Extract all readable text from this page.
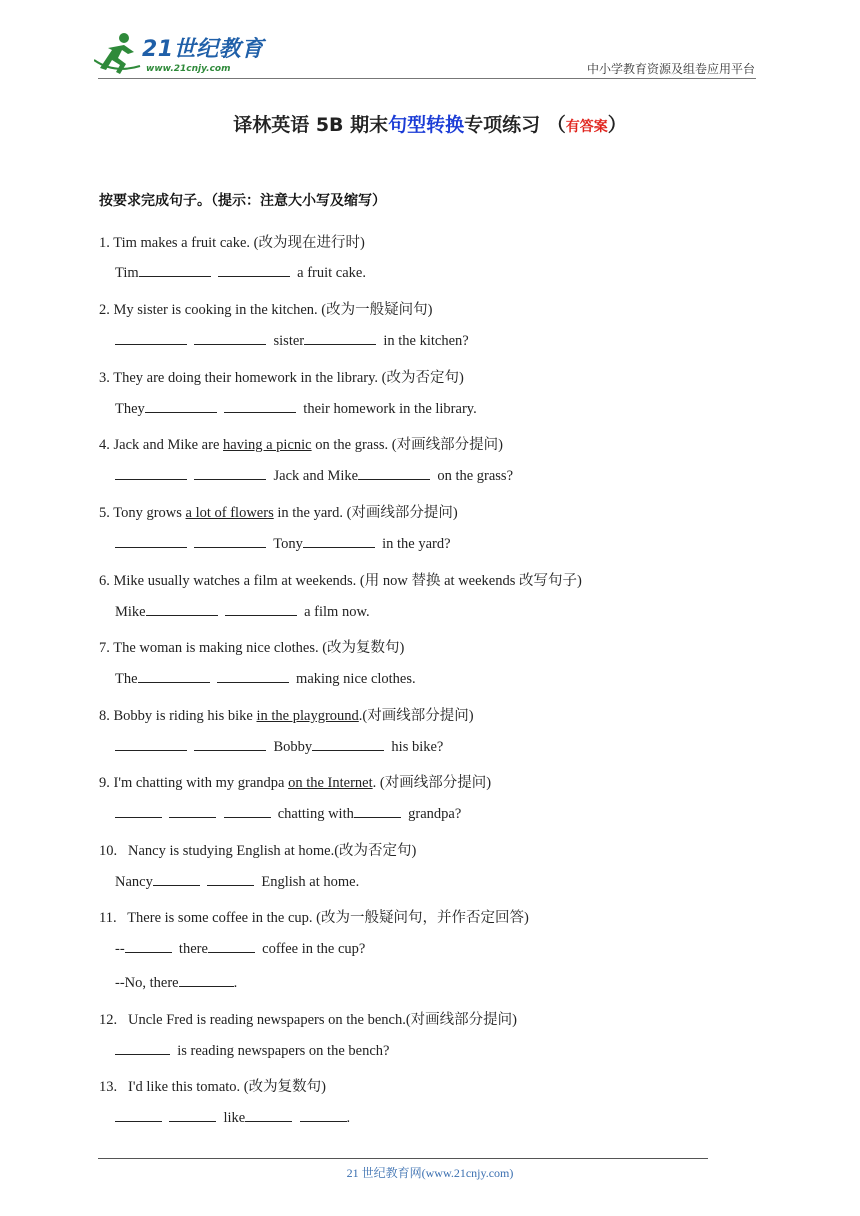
21世纪教育
www.21cnjy.com	中小学教育资源及组卷应用平台
译林英语 5B 期末句型转换专项练习 （有答案）
按要求完成句子。（提示：注意大小写及缩写）
1. Tim makes a fruit cake. (改为现在进行时)
Tim	a fruit cake.
2. My sister is cooking in the kitchen. (改为一般疑问句)
sister	in the kitchen?
3. They are doing their homework in the library. (改为否定句)
They	their homework in the library.
4. Jack and Mike are having a picnic on the grass. (对画线部分提问)
Jack and Mike	on the grass?
5. Tony grows a lot of flowers in the yard. (对画线部分提问)
Tony	in the yard?
6. Mike usually watches a film at weekends. (用 now 替换 at weekends 改写句子)
Mike	a film now.
7. The woman is making nice clothes. (改为复数句)
The	making nice clothes.
8. Bobby is riding his bike in the playground.(对画线部分提问)
Bobby	his bike?
9. I'm chatting with my grandpa on the Internet. (对画线部分提问)
chatting with	grandpa?
10.   Nancy is studying English at home.(改为否定句)
Nancy	English at home.
11.   There is some coffee in the cup. (改为一般疑问句，并作否定回答)
--	there	coffee in the cup?
--No, there	.
12.   Uncle Fred is reading newspapers on the bench.(对画线部分提问)
is reading newspapers on the bench?
13.   I'd like this tomato. (改为复数句)
like	.
21 世纪教育网(www.21cnjy.com)
